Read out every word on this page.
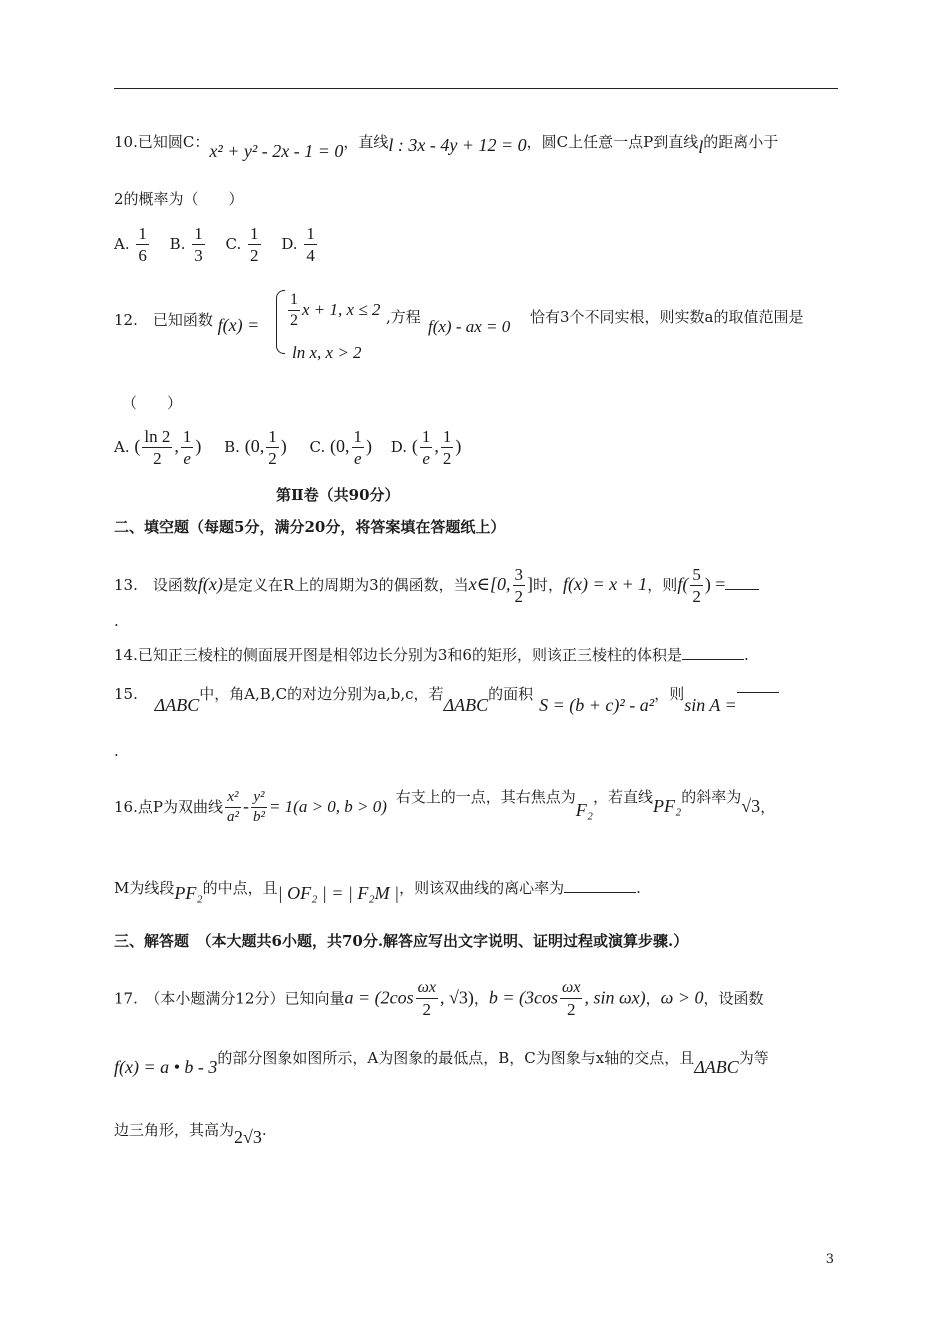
10.已知圆C：x² + y² - 2x - 1 = 0，直线l : 3x - 4y + 12 = 0，圆C上任意一点P到直线l的距离小于
2的概率为（　　）
A. $\frac{1}{6} B$. $\frac{1}{3} C$. $\frac{1}{2} D$. $\frac{1}{4}$
12.　已知函数 $f(x) = \frac{1}{2}$ x + 1, x ≤ 2 ,方程 f(x) - ax = 0 恰有3个不同实根，则实数a的取值范围是
ln x, x > 2
（　　）
A. ( $\frac{\ln 2}{2}$ , $\frac{1}{e}$ ) B. (0, $\frac{1}{2}$ ) C. (0, $\frac{1}{e}$ ) D. ( $\frac{1}{e}$ , $\frac{1}{2}$ )
第Ⅱ卷（共90分）
二、填空题（每题5分，满分20分，将答案填在答题纸上）
13.　设函数f(x)是定义在R上的周期为3的偶函数，当x∈[0, $\frac{3}{2}$ ]时，f(x) = x + 1，则$f( \frac{5}{2}$ ) =
.
14.已知正三棱柱的侧面展开图是相邻边长分别为3和6的矩形，则该正三棱柱的体积是	.
15. ΔABC中，角A,B,C的对边分别为a,b,c，若ΔABC的面积S = (b + c)² - a²，则sin A =
.
16.点P为双曲线 $\frac{\text{x²}}{\text{a²}} - \frac{\text{y²}}{\text{b²}} = 1(a > 0$, b > 0) 右支上的一点，其右焦点为F₂，若直线PF₂的斜率为√3，
M为线段PF₂的中点，且| OF₂ | = | F₂M |，则该双曲线的离心率为	.
三、解答题　（本大题共6小题，共70分.解答应写出文字说明、证明过程或演算步骤.）
17.　（本小题满分12分）已知向量$a = (2\cos \frac{\omega x}{2}$ , √3)，$b = (3\cos \frac{\omega x}{2}$ , sin ωx)，ω > 0，设函数
f(x) = a • b - 3的部分图象如图所示，A为图象的最低点，B，C为图象与x轴的交点，且ΔABC为等
边三角形，其高为2√3.
3
